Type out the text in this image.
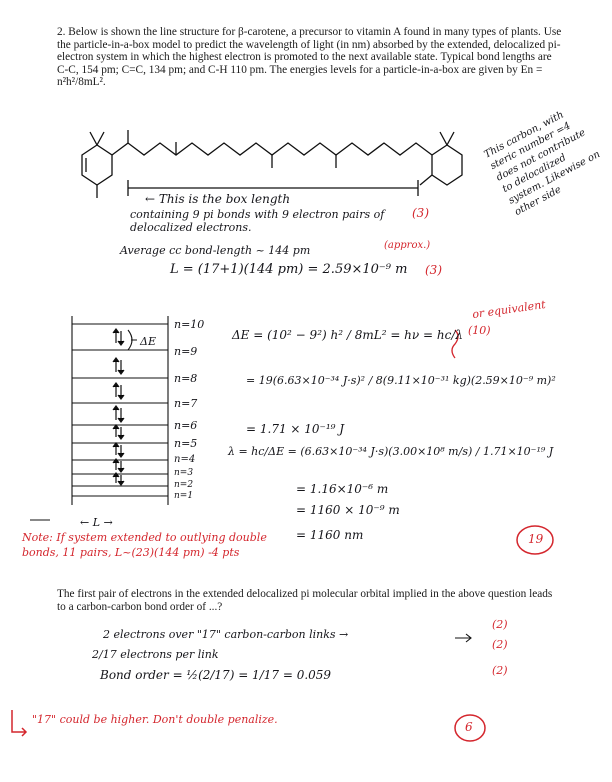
2. Below is shown the line structure for β-carotene, a precursor to vitamin A found in many types of plants. Use the particle-in-a-box model to predict the wavelength of light (in nm) absorbed by the extended, delocalized pi-electron system in which the highest electron is promoted to the next available state. Typical bond lengths are C-C, 154 pm; C=C, 134 pm; and C-H 110 pm. The energies levels for a particle-in-a-box are given by En = n²h²/8mL².
← This is the box length
containing 9 pi bonds with 9 electron pairs of delocalized electrons.
(3)
Average cc bond-length ~ 144 pm	(approx.)
L = (17+1)(144 pm) = 2.59×10⁻⁹ m (3)
This carbon, with steric number =4 does not contribute to delocalized system. Likewise on other side
n=10
n=9
n=8
n=7
n=6
n=5
n=4
n=3
n=2
n=1
ΔE
← L →
ΔE = (10² − 9²) h² / 8mL² = hν = hc/λ
or equivalent
(10)
= 19(6.63×10⁻³⁴ J·s)² / 8(9.11×10⁻³¹ kg)(2.59×10⁻⁹ m)²
= 1.71 × 10⁻¹⁹ J
λ = hc/ΔE = (6.63×10⁻³⁴ J·s)(3.00×10⁸ m/s) / 1.71×10⁻¹⁹ J
= 1.16×10⁻⁶ m
= 1160 × 10⁻⁹ m
= 1160 nm
Note: If system extended to outlying double bonds, 11 pairs, L~(23)(144 pm) -4 pts
19
The first pair of electrons in the extended delocalized pi molecular orbital implied in the above question leads to a carbon-carbon bond order of ...?
2 electrons over "17" carbon-carbon links →
2/17 electrons per link
Bond order = ½(2/17) = 1/17 = 0.059
(2)
(2)
(2)
"17" could be higher. Don't double penalize.
6
